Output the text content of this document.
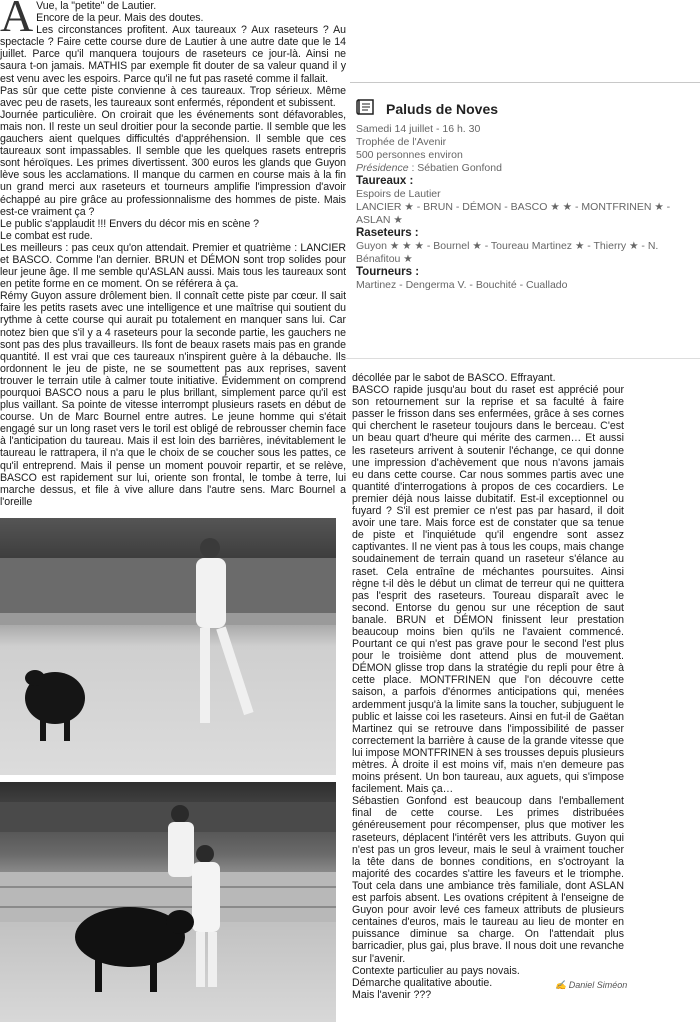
A Vue, la "petite" de Lautier.

Encore de la peur. Mais des doutes.

Les circonstances profitent. Aux taureaux ? Aux raseteurs ? Au spectacle ? Faire cette course dure de Lautier à une autre date que le 14 juillet. Parce qu'il manquera toujours de raseteurs ce jour-là. Ainsi ne saura t-on jamais. MATHIS par exemple fit douter de sa valeur quand il y est venu avec les espoirs. Parce qu'il ne fut pas raseté comme il fallait.

Pas sûr que cette piste convienne à ces taureaux. Trop sérieux. Même avec peu de rasets, les taureaux sont enfermés, répondent et subissent.

Journée particulière. On croirait que les événements sont défavorables, mais non. Il reste un seul droitier pour la seconde partie. Il semble que les gauchers aient quelques difficultés d'appréhension. Il semble que ces taureaux sont impassables. Il semble que les quelques rasets entrepris sont héroïques. Les primes divertissent. 300 euros les glands que Guyon lève sous les acclamations. Il manque du carmen en course mais à la fin un grand merci aux raseteurs et tourneurs amplifie l'impression d'avoir échappé au pire grâce au professionnalisme des hommes de piste. Mais est-ce vraiment ça ?

Le public s'applaudit !!! Envers du décor mis en scène ?

Le combat est rude.

Les meilleurs : pas ceux qu'on attendait. Premier et quatrième : LANCIER et BASCO. Comme l'an dernier. BRUN et DÉMON sont trop solides pour leur jeune âge. Il me semble qu'ASLAN aussi. Mais tous les taureaux sont en petite forme en ce moment. On se référera à ça.

Rémy Guyon assure drôlement bien. Il connaît cette piste par cœur. Il sait faire les petits rasets avec une intelligence et une maîtrise qui soutient du rythme à cette course qui aurait pu totalement en manquer sans lui. Car notez bien que s'il y a 4 raseteurs pour la seconde partie, les gauchers ne sont pas des plus travailleurs. Ils font de beaux rasets mais pas en grande quantité. Il est vrai que ces taureaux n'inspirent guère à la débauche. Ils ordonnent le jeu de piste, ne se soumettent pas aux reprises, savent trouver le terrain utile à calmer toute initiative. Évidemment on comprend pourquoi BASCO nous a paru le plus brillant, simplement parce qu'il est plus vaillant. Sa pointe de vitesse interrompt plusieurs rasets en début de course. Un de Marc Bournel entre autres. Le jeune homme qui s'était engagé sur un long raset vers le toril est obligé de rebrousser chemin face à l'anticipation du taureau. Mais il est loin des barrières, inévitablement le taureau le rattrapera, il n'a que le choix de se coucher sous les pattes, ce qu'il entreprend. Mais il pense un moment pouvoir repartir, et se relève, BASCO est rapidement sur lui, oriente son frontal, le tombe à terre, lui marche dessus, et file à vive allure dans l'autre sens. Marc Bournel a l'oreille

Paluds de Noves
Samedi 14 juillet - 16 h. 30
Trophée de l'Avenir
500 personnes environ
Présidence : Sébatien Gonfond
Taureaux :
Espoirs de Lautier
LANCIER ★ - BRUN - DÉMON - BASCO ★ ★ - MONTFRINEN ★ - ASLAN ★
Raseteurs :
Guyon ★ ★ ★ - Bournel ★ - Toureau Martinez ★ - Thierry ★ - N. Bénafitou ★
Tourneurs :
Martinez - Dengerma V. - Bouchité - Cuallado

décollée par le sabot de BASCO. Effrayant.

BASCO rapide jusqu'au bout du raset est apprécié pour son retournement sur la reprise et sa faculté à faire passer le frisson dans ses enfermées, grâce à ses cornes qui cherchent le raseteur toujours dans le berceau. C'est un beau quart d'heure qui mérite des carmen… Et aussi les raseteurs arrivent à soutenir l'échange, ce qui donne une impression d'achèvement que nous n'avons jamais eu dans cette course. Car nous sommes partis avec une quantité d'interrogations à propos de ces cocardiers. Le premier déjà nous laisse dubitatif. Est-il exceptionnel ou fuyard ? S'il est premier ce n'est pas par hasard, il doit avoir une tare. Mais force est de constater que sa tenue de piste et l'inquiétude qu'il engendre sont assez captivantes. Il ne vient pas à tous les coups, mais change soudainement de terrain quand un raseteur s'élance au raset. Cela entraîne de méchantes poursuites. Ainsi règne t-il dès le début un climat de terreur qui ne quittera pas l'esprit des raseteurs. Toureau disparaît avec le second. Entorse du genou sur une réception de saut banale. BRUN et DÉMON finissent leur prestation beaucoup moins bien qu'ils ne l'avaient commencé. Pourtant ce qui n'est pas grave pour le second l'est plus pour le troisième dont attend plus de mouvement. DÉMON glisse trop dans la stratégie du repli pour être à cette place. MONTFRINEN que l'on découvre cette saison, a parfois d'énormes anticipations qui, menées ardemment jusqu'à la limite sans la toucher, subjuguent le public et laisse coi les raseteurs. Ainsi en fut-il de Gaëtan Martinez qui se retrouve dans l'impossibilité de passer correctement la barrière à cause de la grande vitesse que lui impose MONTFRINEN à ses trousses depuis plusieurs mètres. À droite il est moins vif, mais n'en demeure pas moins présent. Un bon taureau, aux aguets, qui s'impose facilement. Mais ça…

Sébastien Gonfond est beaucoup dans l'emballement final de cette course. Les primes distribuées généreusement pour récompenser, plus que motiver les raseteurs, déplacent l'intérêt vers les attributs. Guyon qui n'est pas un gros leveur, mais le seul à vraiment toucher la tête dans de bonnes conditions, en s'octroyant la majorité des cocardes s'attire les faveurs et le triomphe. Tout cela dans une ambiance très familiale, dont ASLAN est parfois absent. Les ovations crépitent à l'enseigne de Guyon pour avoir levé ces fameux attributs de plusieurs centaines d'euros, mais le taureau au lieu de monter en puissance diminue sa charge. On l'attendait plus barricadier, plus gai, plus brave. Il nous doit une revanche sur l'avenir.

Contexte particulier au pays novais.

Démarche qualitative aboutie.

Mais l'avenir ???

✍ Daniel Siméon
